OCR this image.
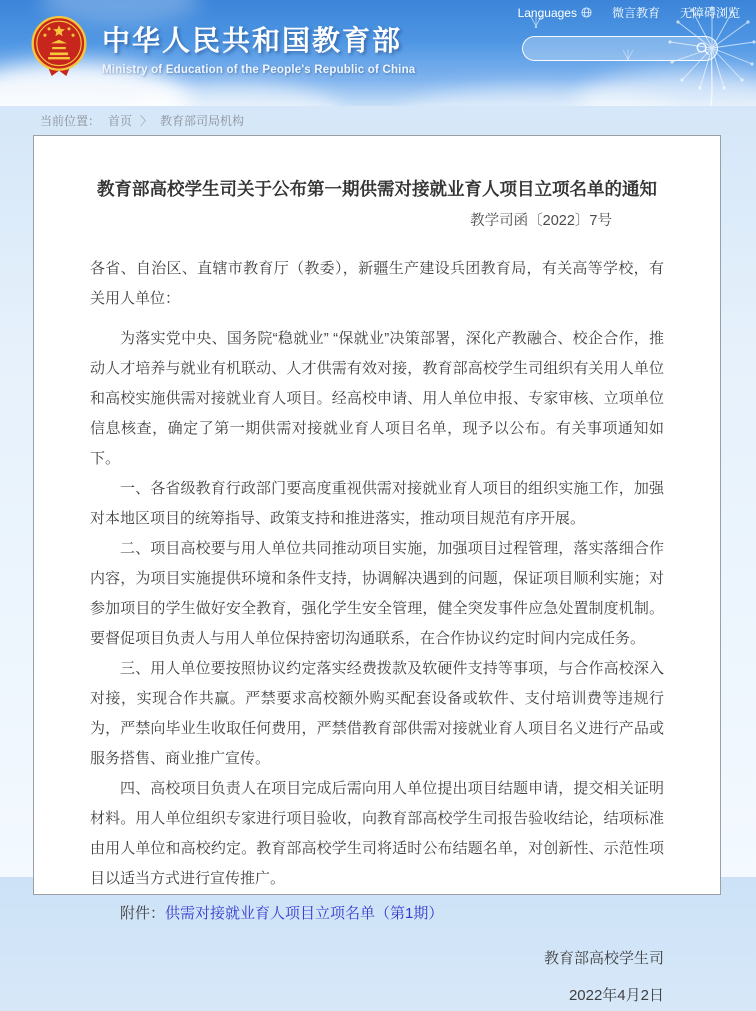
Languages	微言教育 无障碍浏览
中华人民共和国教育部
Ministry of Education of the People's Republic of China
当前位置： 首页 〉 教育部司局机构
教育部高校学生司关于公布第一期供需对接就业育人项目立项名单的通知
教学司函〔2022〕7号

各省、自治区、直辖市教育厅（教委），新疆生产建设兵团教育局，有关高等学校，有关用人单位：

为落实党中央、国务院“稳就业” “保就业”决策部署，深化产教融合、校企合作，推动人才培养与就业有机联动、人才供需有效对接，教育部高校学生司组织有关用人单位和高校实施供需对接就业育人项目。经高校申请、用人单位申报、专家审核、立项单位信息核查，确定了第一期供需对接就业育人项目名单，现予以公布。有关事项通知如下。

一、各省级教育行政部门要高度重视供需对接就业育人项目的组织实施工作，加强对本地区项目的统筹指导、政策支持和推进落实，推动项目规范有序开展。

二、项目高校要与用人单位共同推动项目实施，加强项目过程管理，落实落细合作内容，为项目实施提供环境和条件支持，协调解决遇到的问题，保证项目顺利实施；对参加项目的学生做好安全教育，强化学生安全管理，健全突发事件应急处置制度机制。要督促项目负责人与用人单位保持密切沟通联系，在合作协议约定时间内完成任务。

三、用人单位要按照协议约定落实经费拨款及软硬件支持等事项，与合作高校深入对接，实现合作共赢。严禁要求高校额外购买配套设备或软件、支付培训费等违规行为，严禁向毕业生收取任何费用，严禁借教育部供需对接就业育人项目名义进行产品或服务搭售、商业推广宣传。

四、高校项目负责人在项目完成后需向用人单位提出项目结题申请，提交相关证明材料。用人单位组织专家进行项目验收，向教育部高校学生司报告验收结论，结项标准由用人单位和高校约定。教育部高校学生司将适时公布结题名单，对创新性、示范性项目以适当方式进行宣传推广。

附件：供需对接就业育人项目立项名单（第1期）

教育部高校学生司

2022年4月2日
